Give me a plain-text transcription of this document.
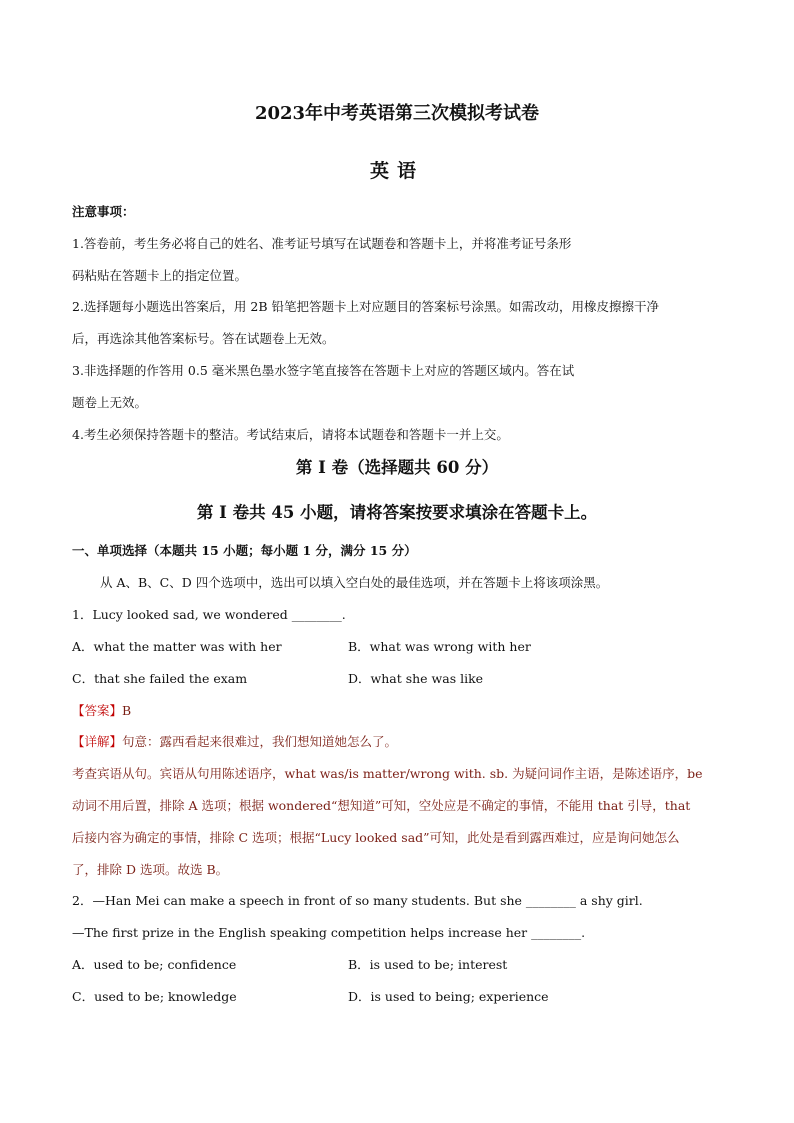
2023年中考英语第三次模拟考试卷
英语
注意事项：
1.答卷前，考生务必将自己的姓名、准考证号填写在试题卷和答题卡上，并将准考证号条形
码粘贴在答题卡上的指定位置。
2.选择题每小题选出答案后，用 2B 铅笔把答题卡上对应题目的答案标号涂黑。如需改动，用橡皮擦擦干净
后，再选涂其他答案标号。答在试题卷上无效。
3.非选择题的作答用 0.5 毫米黑色墨水签字笔直接答在答题卡上对应的答题区域内。答在试
题卷上无效。
4.考生必须保持答题卡的整洁。考试结束后，请将本试题卷和答题卡一并上交。
第 I 卷（选择题共 60 分）
第 I 卷共 45 小题，请将答案按要求填涂在答题卡上。
一、单项选择（本题共 15 小题；每小题 1 分，满分 15 分）
从 A、B、C、D 四个选项中，选出可以填入空白处的最佳选项，并在答题卡上将该项涂黑。
1．Lucy looked sad, we wondered ________.
A．what the matter was with her	B．what was wrong with her
C．that she failed the exam	D．what she was like
【答案】B
【详解】句意：露西看起来很难过，我们想知道她怎么了。
考查宾语从句。宾语从句用陈述语序，what was/is matter/wrong with. sb. 为疑问词作主语，是陈述语序，be
动词不用后置，排除 A 选项；根据 wondered“想知道”可知，空处应是不确定的事情，不能用 that 引导，that
后接内容为确定的事情，排除 C 选项；根据“Lucy looked sad”可知，此处是看到露西难过，应是询问她怎么
了，排除 D 选项。故选 B。
2．—Han Mei can make a speech in front of so many students. But she ________ a shy girl.
—The first prize in the English speaking competition helps increase her ________.
A．used to be; confidence	B．is used to be; interest
C．used to be; knowledge	D．is used to being; experience
